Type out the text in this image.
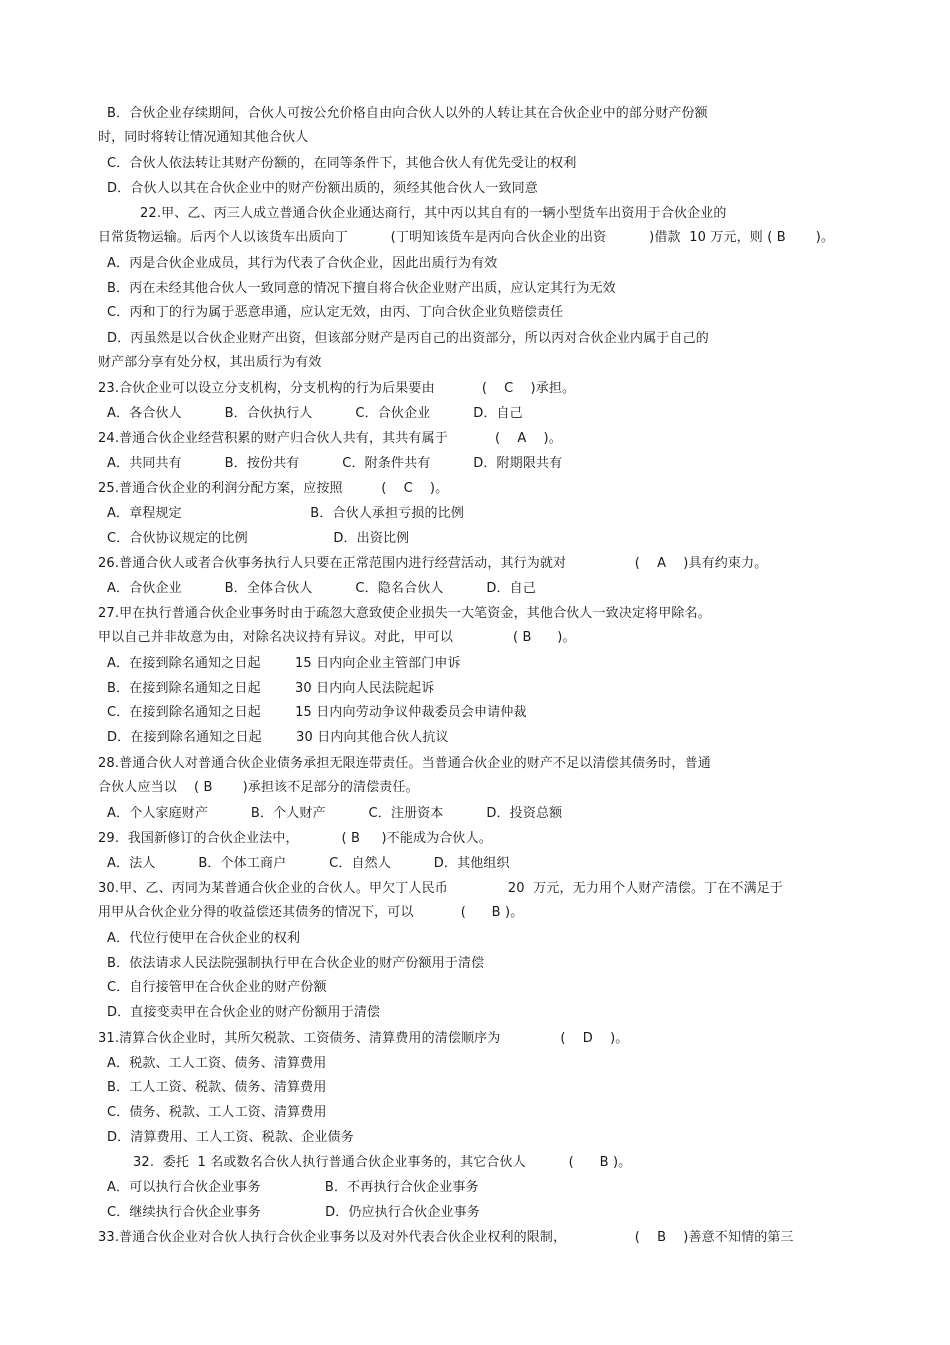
B．合伙企业存续期间，合伙人可按公允价格自由向合伙人以外的人转让其在合伙企业中的部分财产份额
时，同时将转让情况通知其他合伙人
C．合伙人依法转让其财产份额的，在同等条件下，其他合伙人有优先受让的权利
D．合伙人以其在合伙企业中的财产份额出质的，须经其他合伙人一致同意
22.甲、乙、丙三人成立普通合伙企业通达商行，其中丙以其自有的一辆小型货车出资用于合伙企业的
日常货物运输。后丙个人以该货车出质向丁          (丁明知该货车是丙向合伙企业的出资          )借款  10 万元，则 ( B       )。
A．丙是合伙企业成员，其行为代表了合伙企业，因此出质行为有效
B．丙在未经其他合伙人一致同意的情况下擅自将合伙企业财产出质，应认定其行为无效
C．丙和丁的行为属于恶意串通，应认定无效，由丙、丁向合伙企业负赔偿责任
D．丙虽然是以合伙企业财产出资，但该部分财产是丙自己的出资部分，所以丙对合伙企业内属于自己的
财产部分享有处分权，其出质行为有效
23.合伙企业可以设立分支机构，分支机构的行为后果要由           (    C    )承担。
A．各合伙人          B．合伙执行人          C．合伙企业          D．自己
24.普通合伙企业经营积累的财产归合伙人共有，其共有属于           (    A    )。
A．共同共有          B．按份共有          C．附条件共有          D．附期限共有
25.普通合伙企业的利润分配方案，应按照         (    C    )。
A．章程规定                              B．合伙人承担亏损的比例
C．合伙协议规定的比例                    D．出资比例
26.普通合伙人或者合伙事务执行人只要在正常范围内进行经营活动，其行为就对                (    A    )具有约束力。
A．合伙企业          B．全体合伙人          C．隐名合伙人          D．自己
27.甲在执行普通合伙企业事务时由于疏忽大意致使企业损失一大笔资金，其他合伙人一致决定将甲除名。
甲以自己并非故意为由，对除名决议持有异议。对此，甲可以              ( B      )。
A．在接到除名通知之日起        15 日内向企业主管部门申诉
B．在接到除名通知之日起        30 日内向人民法院起诉
C．在接到除名通知之日起        15 日内向劳动争议仲裁委员会申请仲裁
D．在接到除名通知之日起        30 日内向其他合伙人抗议
28.普通合伙人对普通合伙企业债务承担无限连带责任。当普通合伙企业的财产不足以清偿其债务时，普通
合伙人应当以    ( B       )承担该不足部分的清偿责任。
A．个人家庭财产          B．个人财产          C．注册资本          D．投资总额
29.  我国新修订的合伙企业法中，          ( B     )不能成为合伙人。
A．法人          B．个体工商户          C．自然人          D．其他组织
30.甲、乙、丙同为某普通合伙企业的合伙人。甲欠丁人民币              20  万元，无力用个人财产清偿。丁在不满足于
用甲从合伙企业分得的收益偿还其债务的情况下，可以           (      B )。
A．代位行使甲在合伙企业的权利
B．依法请求人民法院强制执行甲在合伙企业的财产份额用于清偿
C．自行接管甲在合伙企业的财产份额
D．直接变卖甲在合伙企业的财产份额用于清偿
31.清算合伙企业时，其所欠税款、工资债务、清算费用的清偿顺序为              (    D    )。
A．税款、工人工资、债务、清算费用
B．工人工资、税款、债务、清算费用
C．债务、税款、工人工资、清算费用
D．清算费用、工人工资、税款、企业债务
32.  委托  1 名或数名合伙人执行普通合伙企业事务的，其它合伙人          (      B )。
A．可以执行合伙企业事务               B．不再执行合伙企业事务
C．继续执行合伙企业事务               D．仍应执行合伙企业事务
33.普通合伙企业对合伙人执行合伙企业事务以及对外代表合伙企业权利的限制，                (    B    )善意不知情的第三
